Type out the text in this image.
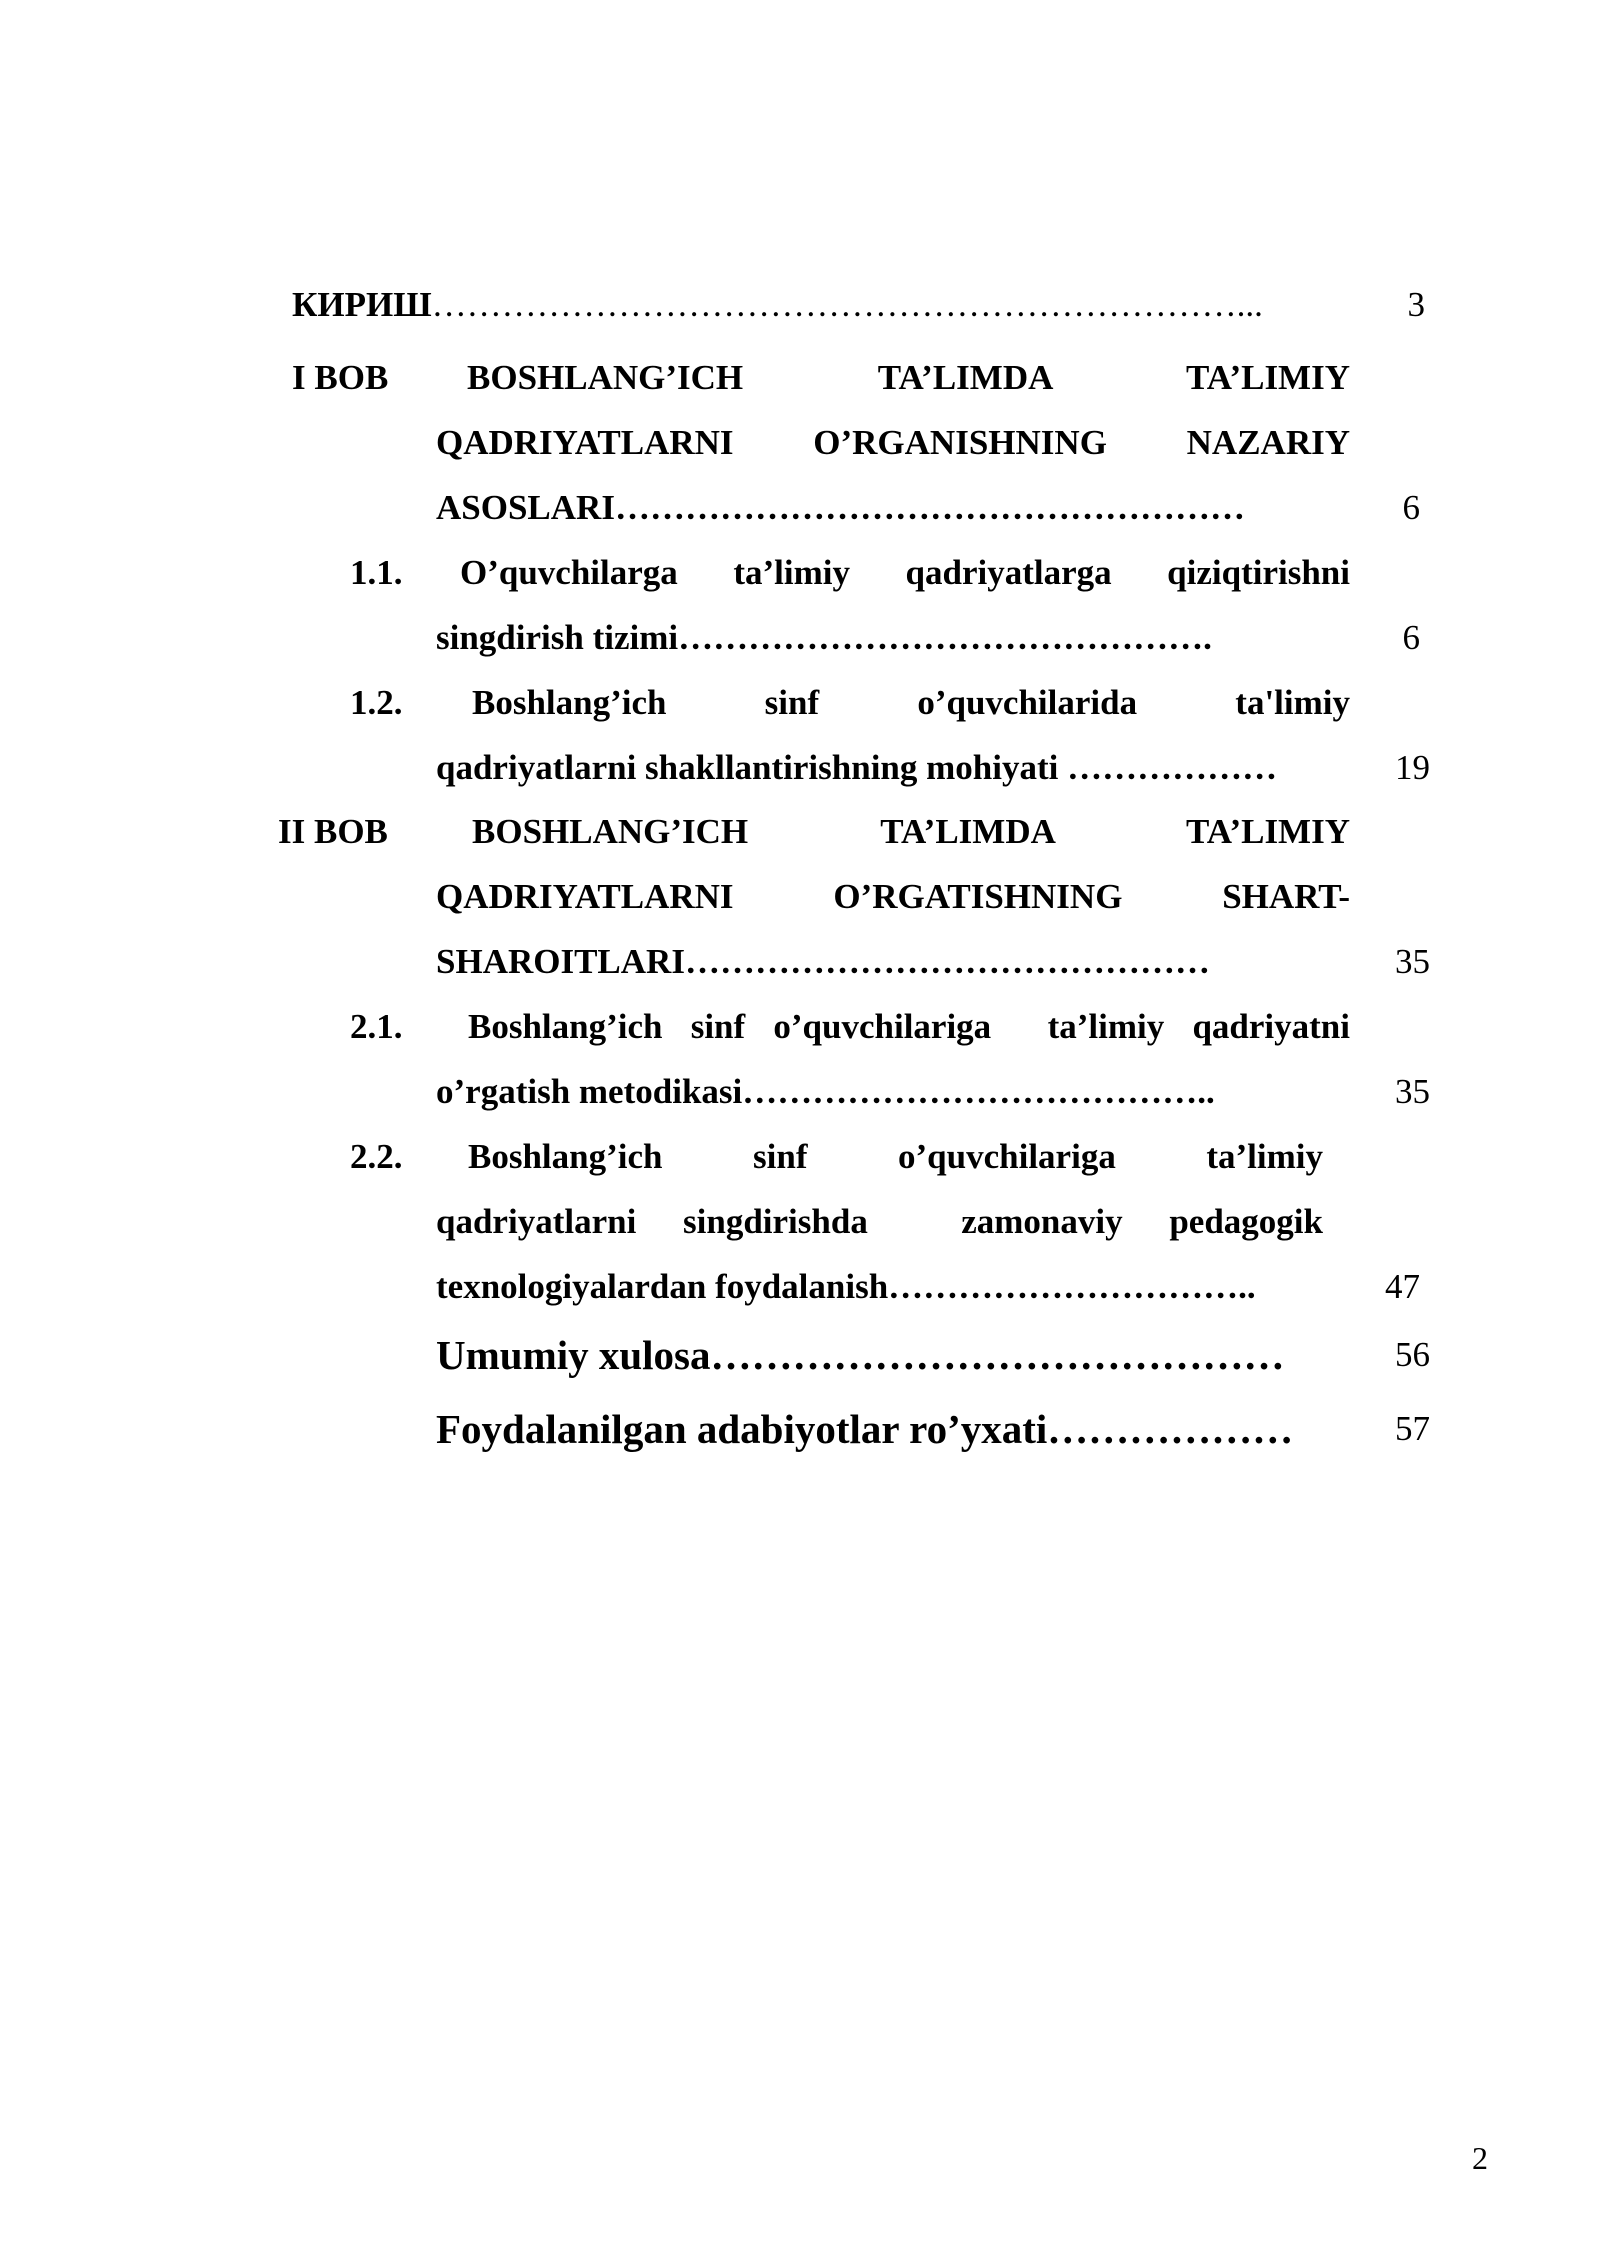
КИРИШ……………………………………………………………...	3
I BOB BOSHLANG’ICH TA’LIMDA TA’LIMIY
QADRIYATLARNI O’RGANISHNING NAZARIY
ASOSLARI………………………………………………	6
1.1. O’quvchilarga ta’limiy qadriyatlarga qiziqtirishni
singdirish tizimi……………………………………….	6
1.2. Boshlang’ich sinf o’quvchilarida ta'limiy
qadriyatlarni shakllantirishning mohiyati ………………	19
II BOB BOSHLANG’ICH TA’LIMDA TA’LIMIY
QADRIYATLARNI O’RGATISHNING SHART-
SHAROITLARI………………………………………	35
2.1. Boshlang’ich sinf o’quvchilariga  ta’limiy qadriyatni
o’rgatish metodikasi…………………………………..	35
2.2. Boshlang’ich sinf o’quvchilariga ta’limiy
qadriyatlarni singdirishda  zamonaviy pedagogik
texnologiyalardan foydalanish…………………………..	47
Umumiy xulosa……………………………………	56
Foydalanilgan adabiyotlar ro’yxati………………	57
2
